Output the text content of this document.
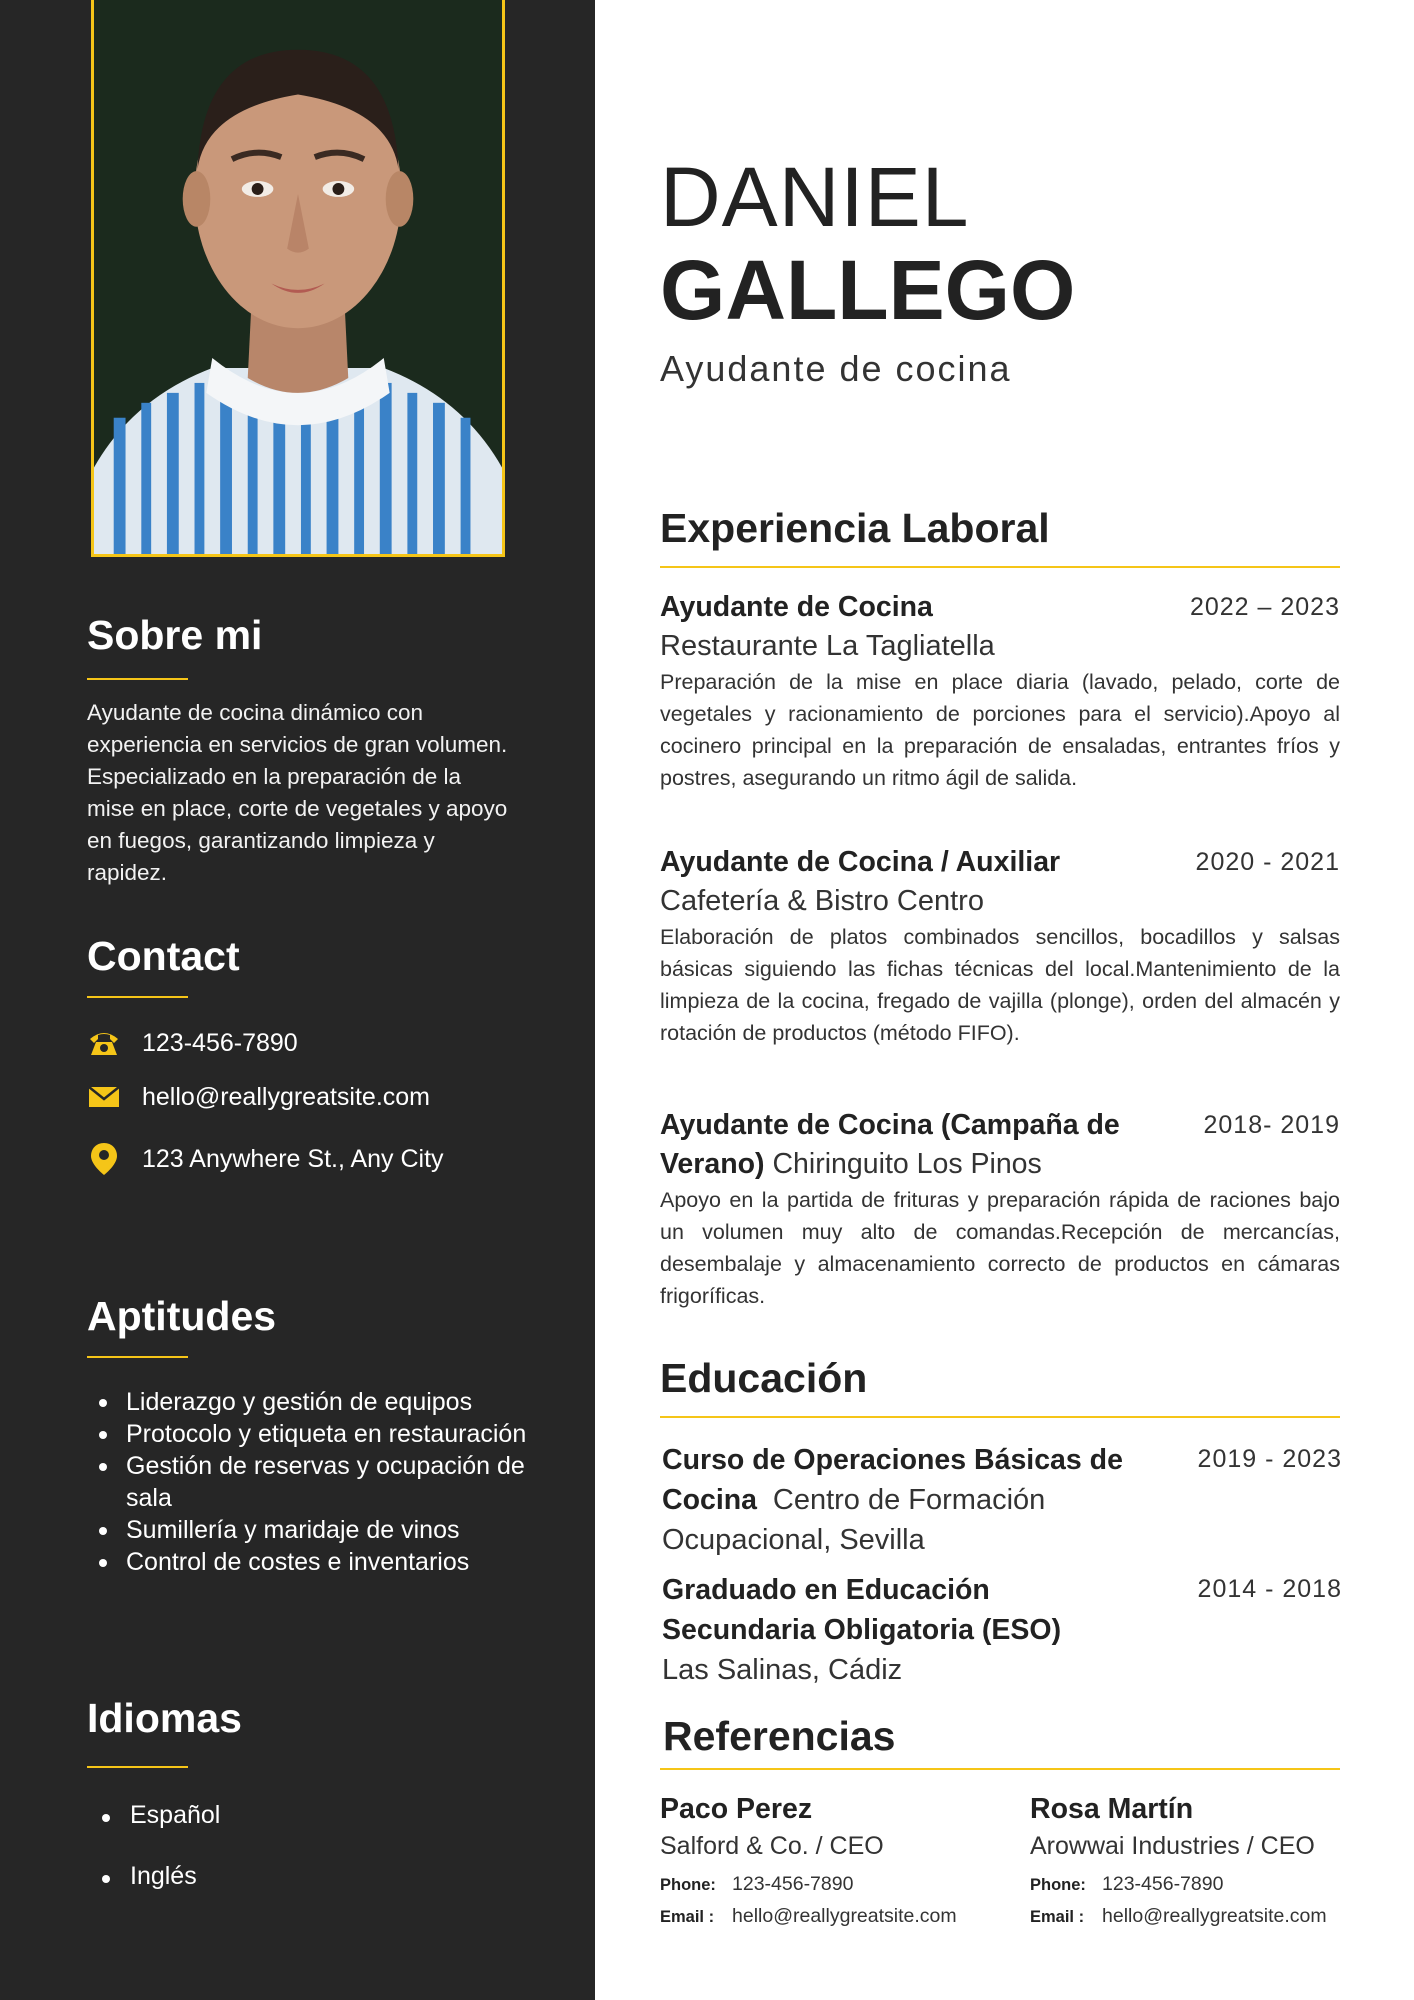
Sobre mi
Ayudante de cocina dinámico con experiencia en servicios de gran volumen. Especializado en la preparación de la mise en place, corte de vegetales y apoyo en fuegos, garantizando limpieza y rapidez.
Contact
123-456-7890
hello@reallygreatsite.com
123 Anywhere St., Any City
Aptitudes
Liderazgo y gestión de equipos
Protocolo y etiqueta en restauración
Gestión de reservas y ocupación de sala
Sumillería y maridaje de vinos
Control de costes e inventarios
Idiomas
Español
Inglés
DANIEL
GALLEGO
Ayudante de cocina
Experiencia Laboral
Ayudante de Cocina	2022 – 2023
Restaurante La Tagliatella
Preparación de la mise en place diaria (lavado, pelado, corte de vegetales y racionamiento de porciones para el servicio).Apoyo al cocinero principal en la preparación de ensaladas, entrantes fríos y postres, asegurando un ritmo ágil de salida.
Ayudante de Cocina / Auxiliar	2020 - 2021
Cafetería & Bistro Centro
Elaboración de platos combinados sencillos, bocadillos y salsas básicas siguiendo las fichas técnicas del local.Mantenimiento de la limpieza de la cocina, fregado de vajilla (plonge), orden del almacén y rotación de productos (método FIFO).
Ayudante de Cocina (Campaña de Verano) Chiringuito Los Pinos
2018- 2019
Apoyo en la partida de frituras y preparación rápida de raciones bajo un volumen muy alto de comandas.Recepción de mercancías, desembalaje y almacenamiento correcto de productos en cámaras frigoríficas.
Educación
Curso de Operaciones Básicas de Cocina Centro de Formación Ocupacional, Sevilla
2019 - 2023
Graduado en Educación Secundaria Obligatoria (ESO)
2014 - 2018
Las Salinas, Cádiz
Referencias
Paco Perez
Salford & Co. / CEO
Phone: 123-456-7890
Email : hello@reallygreatsite.com
Rosa Martín
Arowwai Industries / CEO
Phone: 123-456-7890
Email : hello@reallygreatsite.com
